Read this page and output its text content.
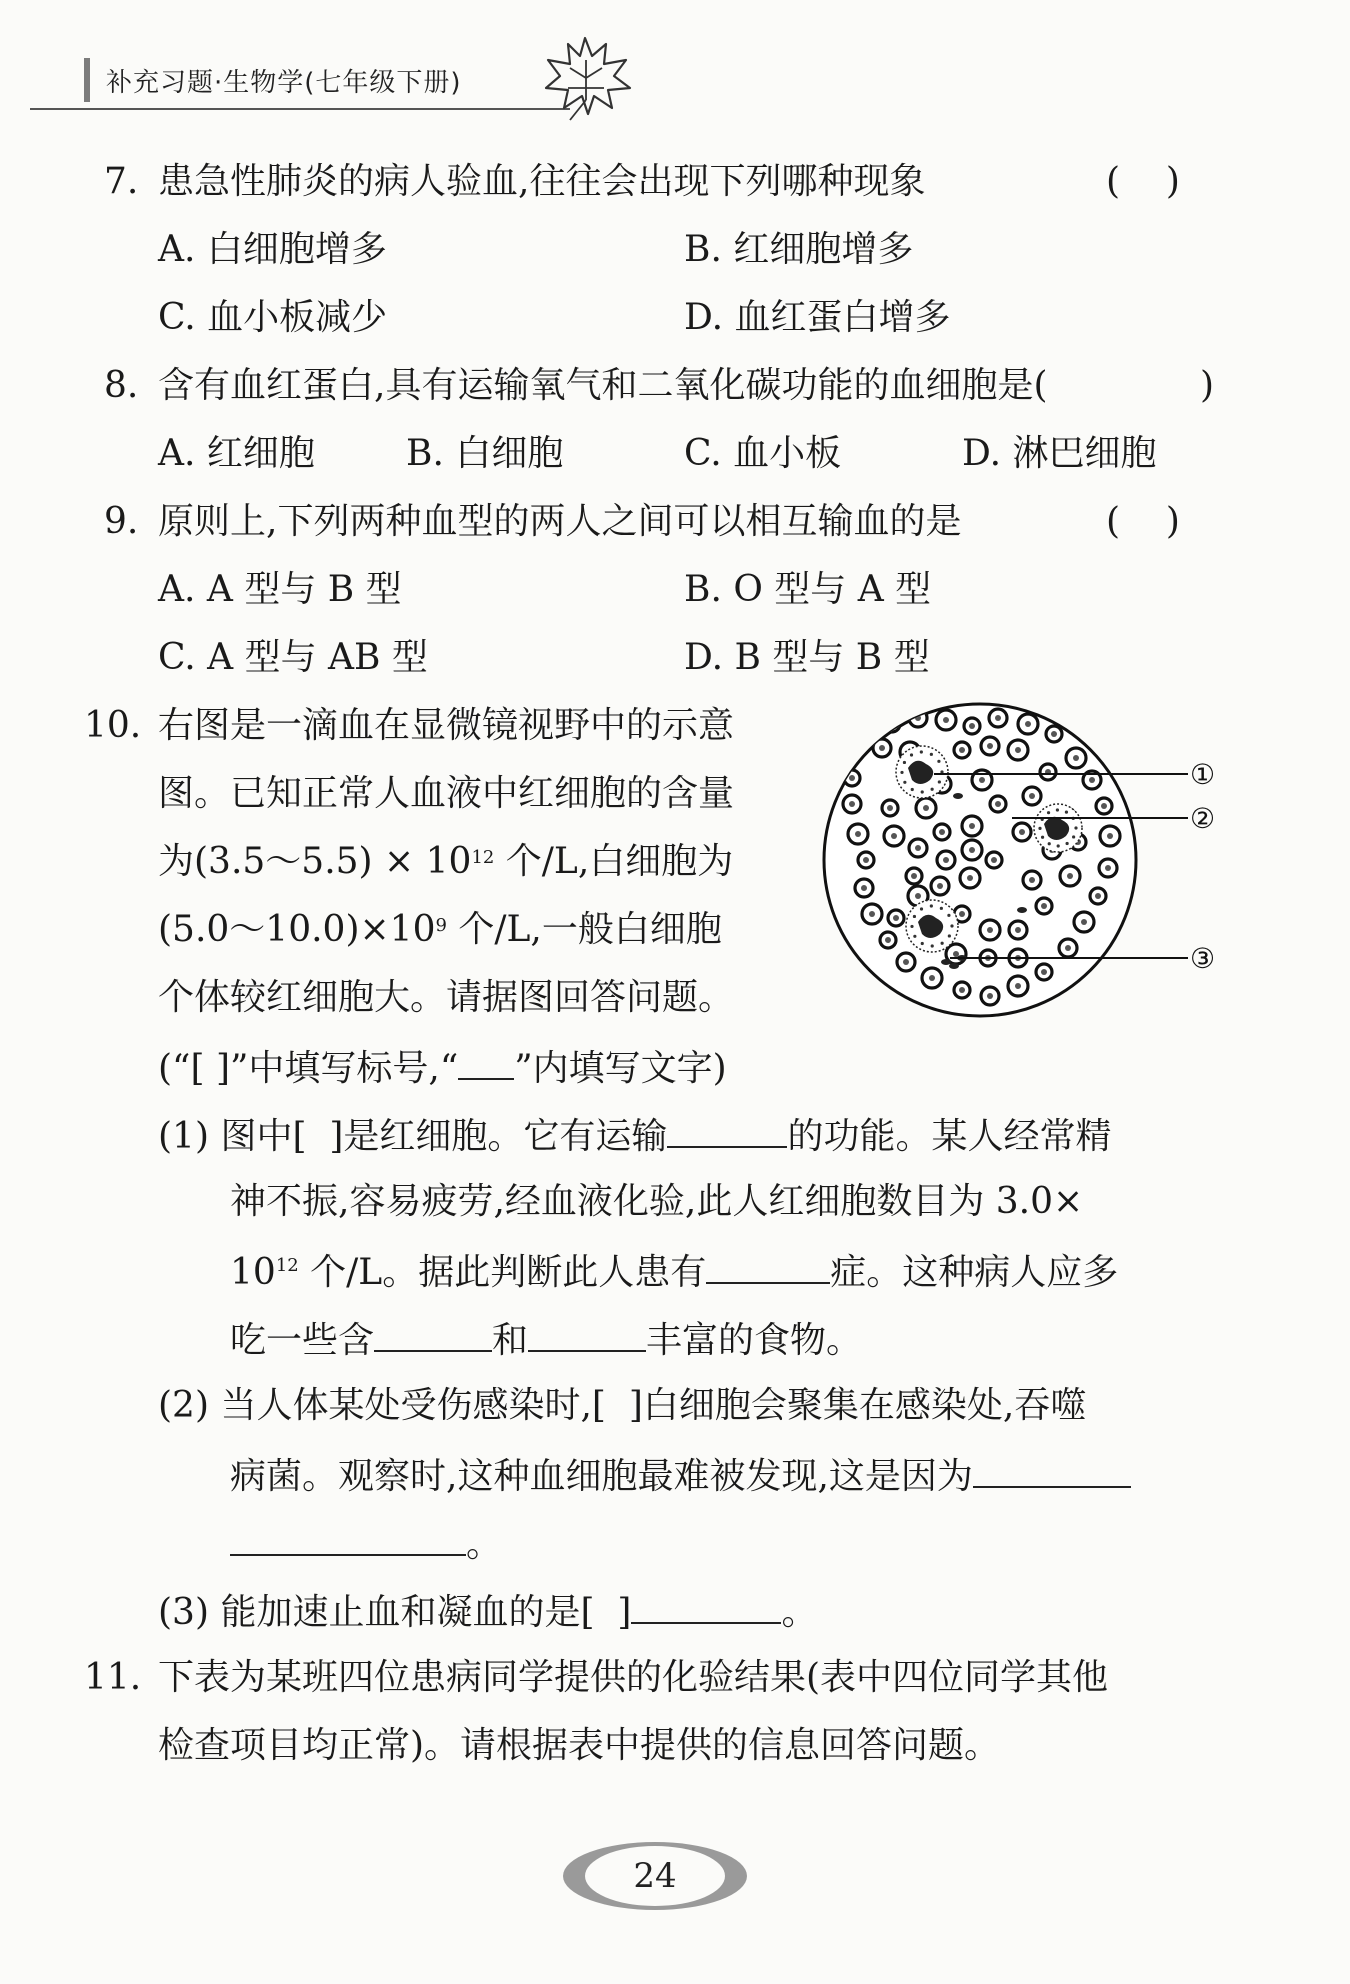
补充习题·生物学(七年级下册)
7. 患急性肺炎的病人验血,往往会出现下列哪种现象	(    )
A. 白细胞增多	B. 红细胞增多
C. 血小板减少	D. 血红蛋白增多
8. 含有血红蛋白,具有运输氧气和二氧化碳功能的血细胞是(	)
A. 红细胞	B. 白细胞	C. 血小板	D. 淋巴细胞
9. 原则上,下列两种血型的两人之间可以相互输血的是	(    )
A. A 型与 B 型	B. O 型与 A 型
C. A 型与 AB 型	D. B 型与 B 型
10. 右图是一滴血在显微镜视野中的示意
图。已知正常人血液中红细胞的含量
为(3.5～5.5) × $10^{12}$ 个/L,白细胞为
$(5.0\sim 10.0)\times 10^9$ 个/L,一般白细胞
个体较红细胞大。请据图回答问题。
(“[ ]”中填写标号,“ ”内填写文字)
①
②
③
(1) 图中[ ]是红细胞。它有运输	的功能。某人经常精
神不振,容易疲劳,经血液化验,此人红细胞数目为 3.0×
$10^{12}$ 个/L。据此判断此人患有	症。这种病人应多
吃一些含	和	丰富的食物。
(2) 当人体某处受伤感染时,[ ]白细胞会聚集在感染处,吞噬
病菌。观察时,这种血细胞最难被发现,这是因为
。
(3) 能加速止血和凝血的是[ ]	。
11. 下表为某班四位患病同学提供的化验结果(表中四位同学其他
检查项目均正常)。请根据表中提供的信息回答问题。
24
